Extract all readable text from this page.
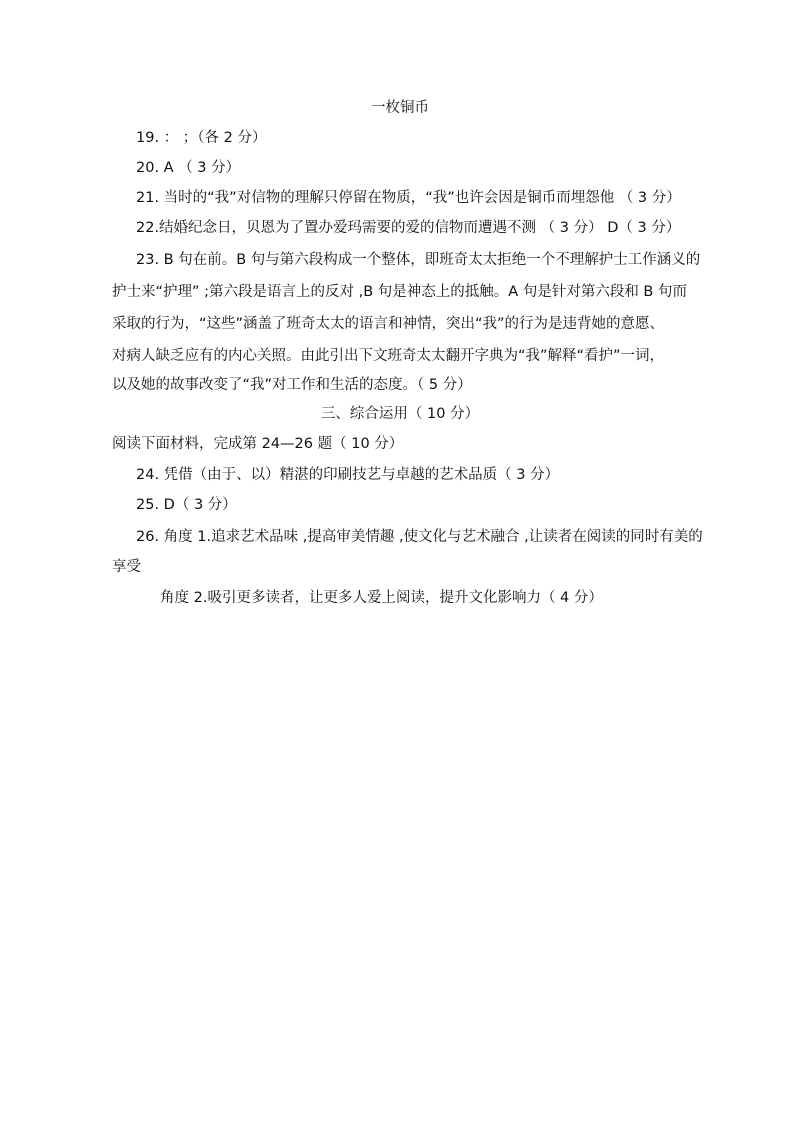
一枚铜币
19. ： ；（各 2 分）
20. A （ 3 分）
21. 当时的“我”对信物的理解只停留在物质，“我”也许会因是铜币而埋怨他 （ 3 分）
22.结婚纪念日，贝恩为了置办爱玛需要的爱的信物而遭遇不测 （ 3 分） D（ 3 分）
23. B 句在前。B 句与第六段构成一个整体，即班奇太太拒绝一个不理解护士工作涵义的
护士来“护理” ;第六段是语言上的反对 ,B 句是神态上的抵触。A 句是针对第六段和 B 句而
采取的行为，“这些”涵盖了班奇太太的语言和神情，突出“我”的行为是违背她的意愿、
对病人缺乏应有的内心关照。由此引出下文班奇太太翻开字典为“我”解释“看护”一词，
以及她的故事改变了“我”对工作和生活的态度。（ 5 分）
三、综合运用（ 10 分）
阅读下面材料，完成第 24—26 题（ 10 分）
24. 凭借（由于、以）精湛的印刷技艺与卓越的艺术品质（ 3 分）
25. D（ 3 分）
26. 角度 1.追求艺术品味 ,提高审美情趣 ,使文化与艺术融合 ,让读者在阅读的同时有美的
享受
角度 2.吸引更多读者，让更多人爱上阅读，提升文化影响力（ 4 分）
